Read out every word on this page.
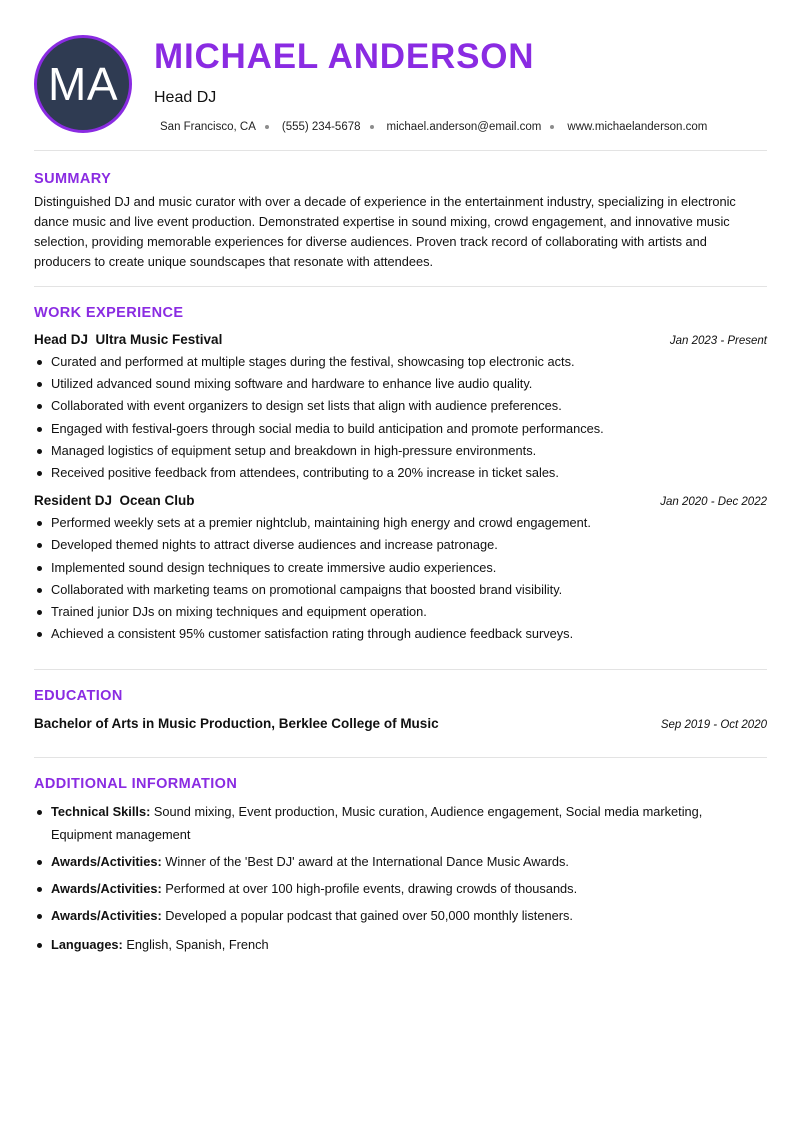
MA
MICHAEL ANDERSON
Head DJ
San Francisco, CA (555) 234-5678 michael.anderson@email.com www.michaelanderson.com
SUMMARY
Distinguished DJ and music curator with over a decade of experience in the entertainment industry, specializing in electronic dance music and live event production. Demonstrated expertise in sound mixing, crowd engagement, and innovative music selection, providing memorable experiences for diverse audiences. Proven track record of collaborating with artists and producers to create unique soundscapes that resonate with attendees.
WORK EXPERIENCE
Head DJ  Ultra Music Festival	Jan 2023 - Present
Curated and performed at multiple stages during the festival, showcasing top electronic acts.
Utilized advanced sound mixing software and hardware to enhance live audio quality.
Collaborated with event organizers to design set lists that align with audience preferences.
Engaged with festival-goers through social media to build anticipation and promote performances.
Managed logistics of equipment setup and breakdown in high-pressure environments.
Received positive feedback from attendees, contributing to a 20% increase in ticket sales.
Resident DJ  Ocean Club	Jan 2020 - Dec 2022
Performed weekly sets at a premier nightclub, maintaining high energy and crowd engagement.
Developed themed nights to attract diverse audiences and increase patronage.
Implemented sound design techniques to create immersive audio experiences.
Collaborated with marketing teams on promotional campaigns that boosted brand visibility.
Trained junior DJs on mixing techniques and equipment operation.
Achieved a consistent 95% customer satisfaction rating through audience feedback surveys.
EDUCATION
Bachelor of Arts in Music Production, Berklee College of Music	Sep 2019 - Oct 2020
ADDITIONAL INFORMATION
Technical Skills: Sound mixing, Event production, Music curation, Audience engagement, Social media marketing, Equipment management
Awards/Activities: Winner of the 'Best DJ' award at the International Dance Music Awards.
Awards/Activities: Performed at over 100 high-profile events, drawing crowds of thousands.
Awards/Activities: Developed a popular podcast that gained over 50,000 monthly listeners.
Languages: English, Spanish, French
